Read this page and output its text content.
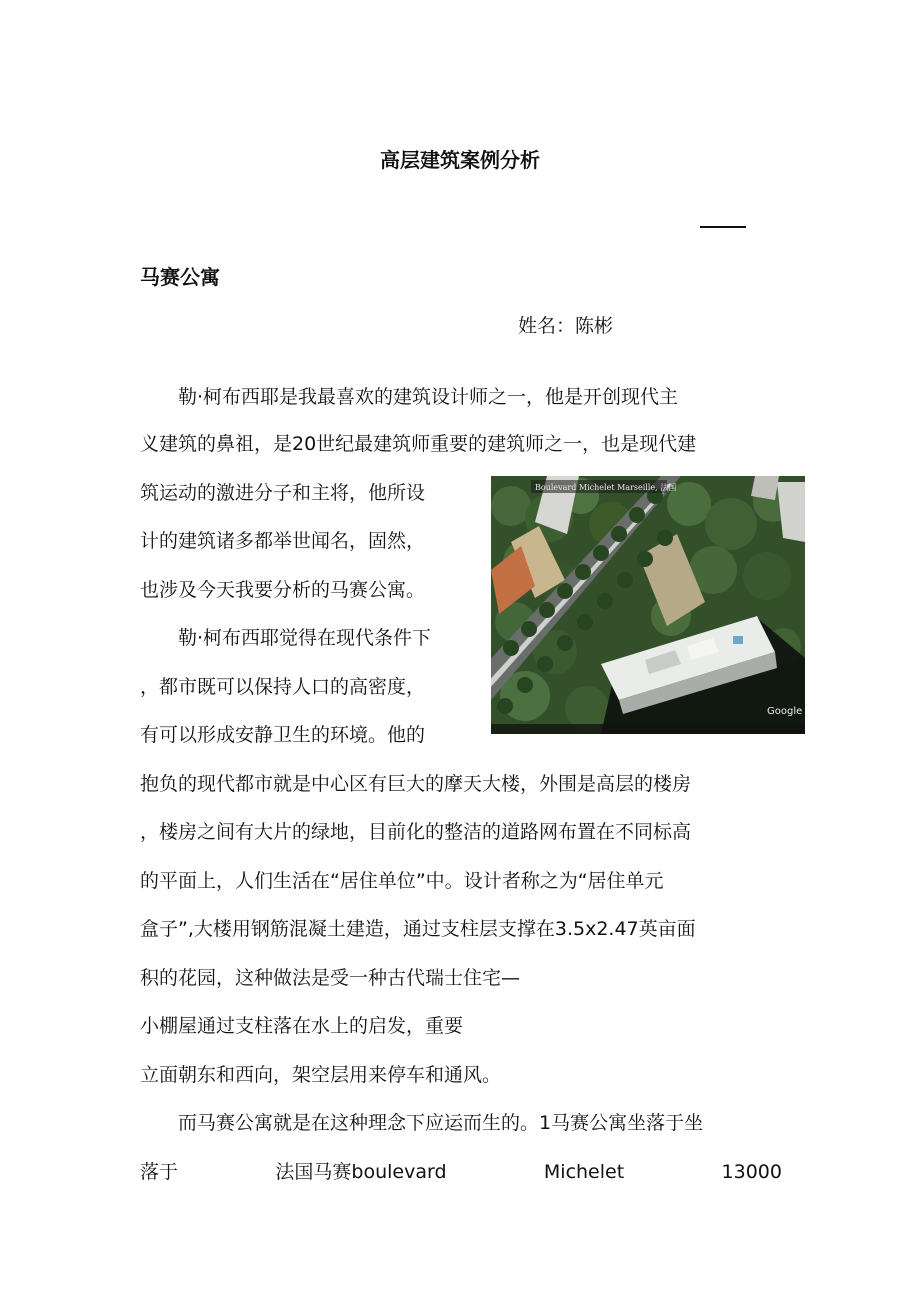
高层建筑案例分析
马赛公寓
姓名：陈彬
勒·柯布西耶是我最喜欢的建筑设计师之一，他是开创现代主
义建筑的鼻祖，是20世纪最建筑师重要的建筑师之一，也是现代建
筑运动的激进分子和主将，他所设
计的建筑诸多都举世闻名，固然，
也涉及今天我要分析的马赛公寓。
勒·柯布西耶觉得在现代条件下
，都市既可以保持人口的高密度，
有可以形成安静卫生的环境。他的
抱负的现代都市就是中心区有巨大的摩天大楼，外围是高层的楼房
，楼房之间有大片的绿地，目前化的整洁的道路网布置在不同标高
的平面上，人们生活在“居住单位”中。设计者称之为“居住单元
盒子”,大楼用钢筋混凝土建造，通过支柱层支撑在3.5x2.47英亩面
积的花园，这种做法是受一种古代瑞士住宅—
小棚屋通过支柱落在水上的启发，重要
立面朝东和西向，架空层用来停车和通风。
而马赛公寓就是在这种理念下应运而生的。1马赛公寓坐落于坐
落于	法国马赛boulevard	Michelet	13000
Boulevard Michelet Marseille, 法国
Google
